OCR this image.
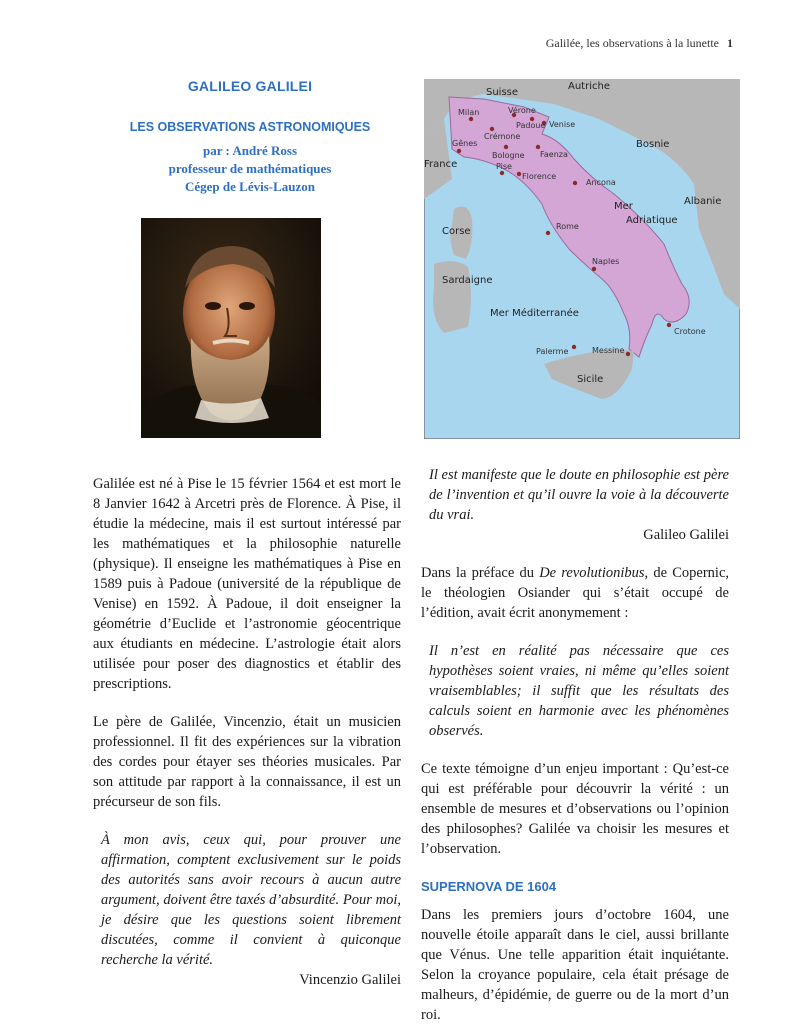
Galilée, les observations à la lunette 1
GALILEO GALILEI
LES OBSERVATIONS ASTRONOMIQUES
par : André Ross
professeur de mathématiques
Cégep de Lévis-Lauzon
Suisse
Autriche
France
Bosnie
Albanie
Mer
Adriatique
Corse
Sardaigne
Mer Méditerranée
Sicile
Milan	Vérone
Padoue Venise
Crémone
Gênes
Bologne Faenza
Pise
Florence
Ancona
Rome
Naples
Crotone
Palerme	Messine

Galilée est né à Pise le 15 février 1564 et est mort le 8 Janvier 1642 à Arcetri près de Florence. À Pise, il étudie la médecine, mais il est surtout intéressé par les mathématiques et la philosophie naturelle (physique). Il enseigne les mathématiques à Pise en 1589 puis à Padoue (université de la république de Venise) en 1592. À Padoue, il doit enseigner la géométrie d’Euclide et l’astronomie géocentrique aux étudiants en médecine. L’astrologie était alors utilisée pour poser des diagnostics et établir des prescriptions.

Le père de Galilée, Vincenzio, était un musicien professionnel. Il fit des expériences sur la vibration des cordes pour étayer ses théories musicales. Par son attitude par rapport à la connaissance, il est un précurseur de son fils.

À mon avis, ceux qui, pour prouver une affirmation, comptent exclusivement sur le poids des autorités sans avoir recours à aucun autre argument, doivent être taxés d’absurdité. Pour moi, je désire que les questions soient librement discutées, comme il convient à quiconque recherche la vérité.

Vincenzio Galilei

Il est manifeste que le doute en philosophie est père de l’invention et qu’il ouvre la voie à la découverte du vrai.

Galileo Galilei

Dans la préface du De revolutionibus, de Copernic, le théologien Osiander qui s’était occupé de l’édition, avait écrit anonymement :

Il n’est en réalité pas nécessaire que ces hypothèses soient vraies, ni même qu’elles soient vraisemblables; il suffit que les résultats des calculs soient en harmonie avec les phénomènes observés.

Ce texte témoigne d’un enjeu important : Qu’est-ce qui est préférable pour découvrir la vérité : un ensemble de mesures et d’observations ou l’opinion des philosophes? Galilée va choisir les mesures et l’observation.

SUPERNOVA DE 1604

Dans les premiers jours d’octobre 1604, une nouvelle étoile apparaît dans le ciel, aussi brillante que Vénus. Une telle apparition était inquiétante. Selon la croyance populaire, cela était présage de malheurs, d’épidémie, de guerre ou de la mort d’un roi.
